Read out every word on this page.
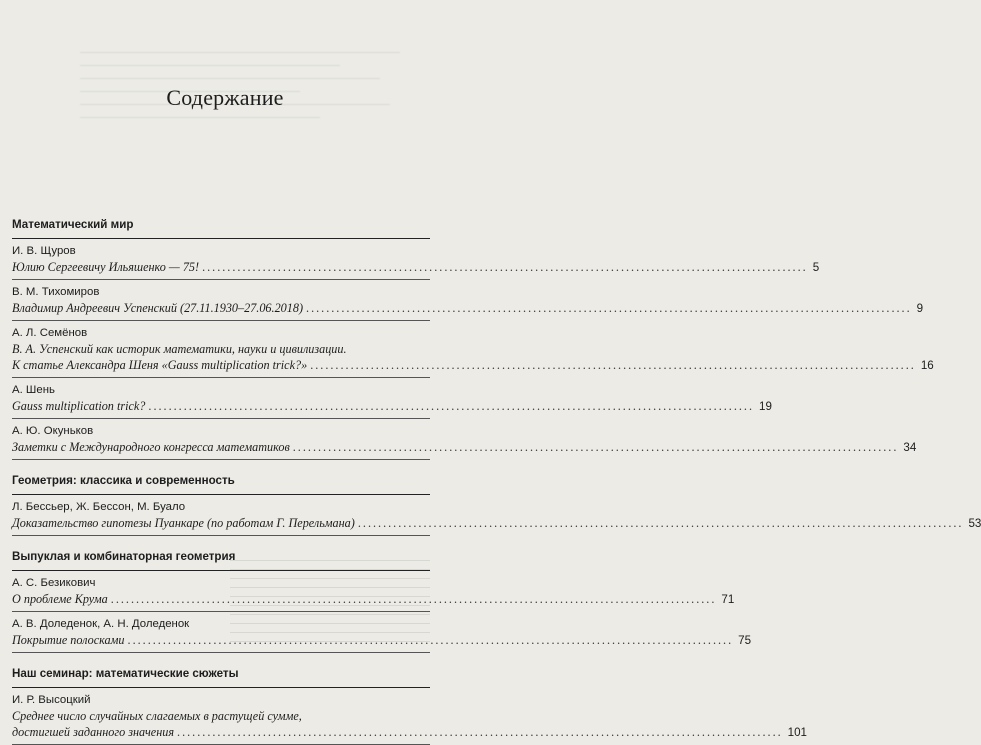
Содержание
Математический мир
И. В. Щуров
Юлию Сергеевичу Ильяшенко — 75! ........................................................................................................................ 5
В. М. Тихомиров
Владимир Андреевич Успенский (27.11.1930–27.06.2018) ........................................................................................................................ 9
А. Л. Семёнов
В. А. Успенский как историк математики, науки и цивилизации.
К статье Александра Шеня «Gauss multiplication trick?» ........................................................................................................................ 16
А. Шень
Gauss multiplication trick? ........................................................................................................................ 19
А. Ю. Окуньков
Заметки с Международного конгресса математиков ........................................................................................................................ 34
Геометрия: классика и современность
Л. Бессьер, Ж. Бессон, М. Буало
Доказательство гипотезы Пуанкаре (по работам Г. Перельмана) ........................................................................................................................ 53
Выпуклая и комбинаторная геометрия
А. С. Безикович
О проблеме Крума ........................................................................................................................ 71
А. В. Доледенок, А. Н. Доледенок
Покрытие полосками ........................................................................................................................ 75
Наш семинар: математические сюжеты
И. Р. Высоцкий
Среднее число случайных слагаемых в растущей сумме,
достигшей заданного значения ........................................................................................................................ 101
